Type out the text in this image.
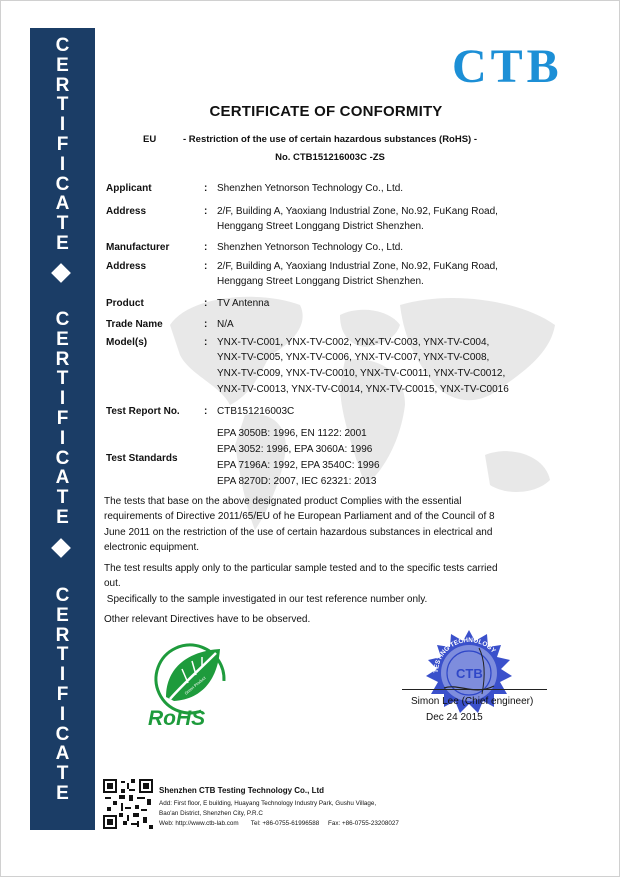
C
E
R
T
I
F
I
C
A
T
E
C
E
R
T
I
F
I
C
A
T
E
C
E
R
T
I
F
I
C
A
T
E
CTB
CERTIFICATE OF CONFORMITY
EU	- Restriction of the use of certain hazardous substances (RoHS) -
No. CTB151216003C -ZS
Applicant	: Shenzhen Yetnorson Technology Co., Ltd.
Address	: 2/F, Building A, Yaoxiang Industrial Zone, No.92, FuKang Road,
Henggang Street Longgang District Shenzhen.
Manufacturer	: Shenzhen Yetnorson Technology Co., Ltd.
Address	: 2/F, Building A, Yaoxiang Industrial Zone, No.92, FuKang Road,
Henggang Street Longgang District Shenzhen.
Product	: TV Antenna
Trade Name	: N/A
Model(s)	: YNX-TV-C001, YNX-TV-C002, YNX-TV-C003, YNX-TV-C004,
YNX-TV-C005, YNX-TV-C006, YNX-TV-C007, YNX-TV-C008,
YNX-TV-C009, YNX-TV-C0010, YNX-TV-C0011, YNX-TV-C0012,
YNX-TV-C0013, YNX-TV-C0014, YNX-TV-C0015, YNX-TV-C0016
Test Report No. : CTB151216003C
Test Standards
EPA 3050B: 1996, EN 1122: 2001
EPA 3052: 1996, EPA 3060A: 1996
EPA 7196A: 1992, EPA 3540C: 1996
EPA 8270D: 2007, IEC 62321: 2013
The tests that base on the above designated product Complies with the essential
requirements of Directive 2011/65/EU of he European Parliament and of the Council of 8
June 2011 on the restriction of the use of certain hazardous substances in electrical and
electronic equipment.
The test results apply only to the particular sample tested and to the specific tests carried
out.
Specifically to the sample investigated in our test reference number only.
Other relevant Directives have to be observed.
Green Product
RoHS
TESTING TECHNOLOGY
CTB
Simon Lee (Chief engineer)
Dec 24 2015
Shenzhen CTB Testing Technology Co., Ltd
Add: First floor, E building, Huayang Technology Industry Park, Gushu Village,
Bao'an District, Shenzhen City, P.R.C
Web: http://www.ctb-lab.com       Tel: +86-0755-61996588     Fax: +86-0755-23208027
